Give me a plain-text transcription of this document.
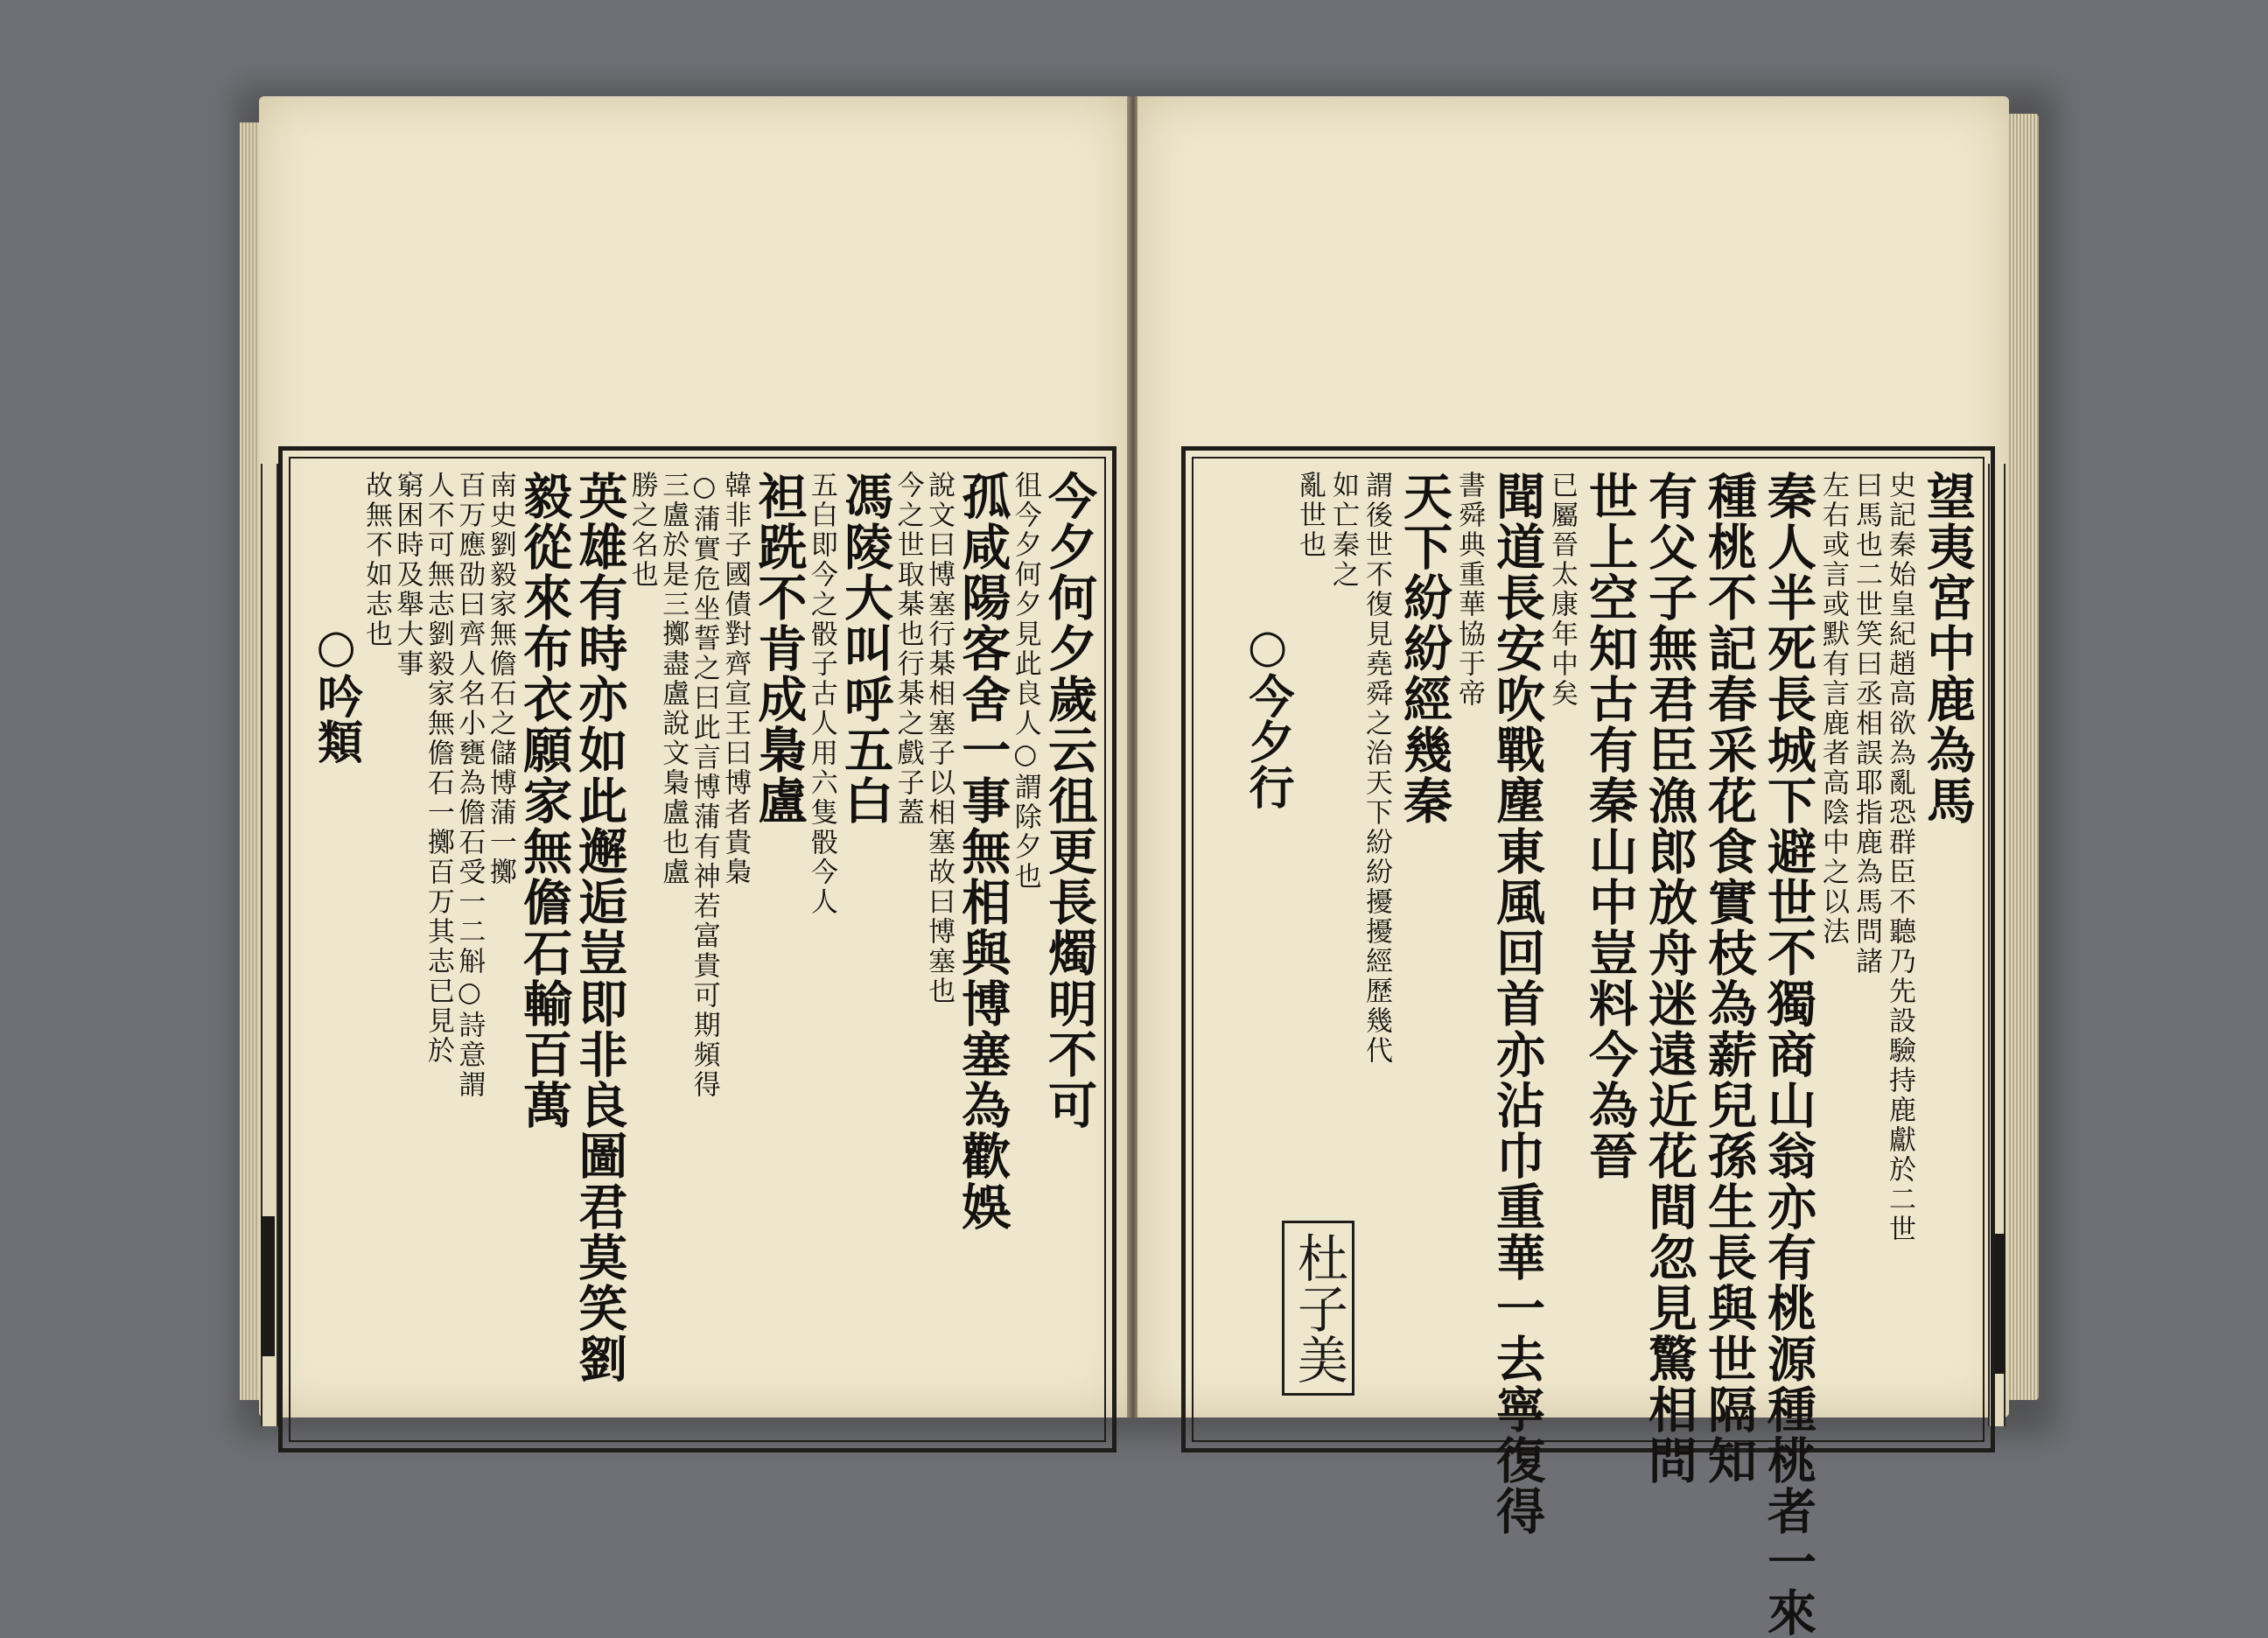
今夕何夕歲云徂更長燭明不可
徂今夕何夕見此良人○謂除夕也
孤咸陽客舍一事無相與博塞為歡娛
說文曰博塞行棊相塞子以相塞故曰博塞也
今之世取棊也行棊之戲子蓋
馮陵大叫呼五白
五白即今之骰子古人用六隻骰今人
袒跣不肯成梟盧
韓非子國債對齊宣王曰博者貴梟
○蒲實危坐誓之曰此言博蒲有神若富貴可期頻得
三盧於是三擲盡盧說文梟盧也盧
勝之名也
英雄有時亦如此邂逅豈即非良圖君莫笑劉
毅從來布衣願家無儋石輸百萬
南史劉毅家無儋石之儲博蒲一擲
百万應劭曰齊人名小甕為儋石受一二斛○詩意謂
人不可無志劉毅家無儋石一擲百万其志已見於
窮困時及舉大事
故無不如志也
○吟類	望夷宮中鹿為馬
史記秦始皇紀趙高欲為亂恐群臣不聽乃先設驗持鹿獻於二世
曰馬也二世笑曰丞相誤耶指鹿為馬問諸
左右或言或默有言鹿者高陰中之以法
秦人半死長城下避世不獨商山翁亦有桃源種桃者一來
種桃不記春采花食實枝為薪兒孫生長與世隔知
有父子無君臣漁郎放舟迷遠近花間忽見驚相問
世上空知古有秦山中豈料今為晉
已屬晉太康年中矣
聞道長安吹戰塵東風回首亦沾巾重華一去寧復得
書舜典重華協于帝
天下紛紛經幾秦
謂後世不復見堯舜之治天下紛紛擾擾經歷幾代
如亡秦之
亂世也
○今夕行
杜子美
